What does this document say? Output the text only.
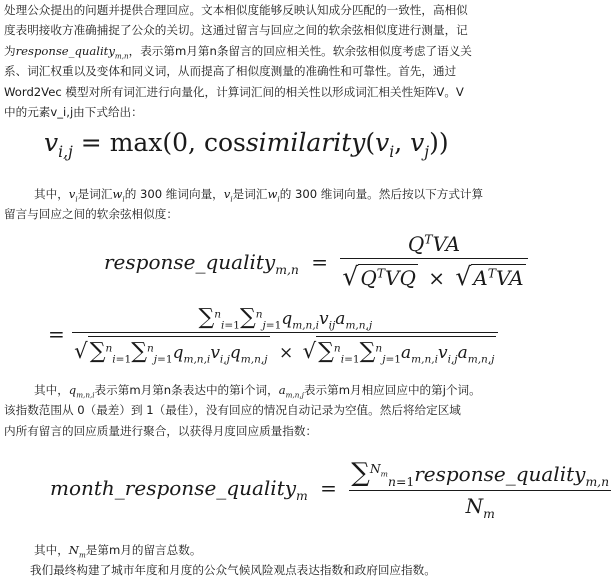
处理公众提出的问题并提供合理回应。文本相似度能够反映认知成分匹配的一致性，高相似
度表明接收方准确捕捉了公众的关切。这通过留言与回应之间的软余弦相似度进行测量，记
为response_quality$_{m,n}$，表示第m月第n条留言的回应相关性。软余弦相似度考虑了语义关
系、词汇权重以及变体和同义词，从而提高了相似度测量的准确性和可靠性。首先，通过
Word2Vec 模型对所有词汇进行向量化，计算词汇间的相关性以形成词汇相关性矩阵V。V
中的元素v_i,j由下式给出：
$v_{i,j} = \max(0$, $cossimilarity(v_i$, $v_j$))
其中，$v_i$是词汇$w_i$的 300 维词向量，$v_i$是词汇$w_i$的 300 维词向量。然后按以下方式计算
留言与回应之间的软余弦相似度：
response_quality$_{m,n}$ = $\frac{Q^TVA}{√ Q^TVQ \times √ A^TVA}$
=
$\sum^n_{i=1}\sum^n_{j=1}q_{m,n,i}v_{ij}a_{m,n,j}$
$√\sum^n_{i=1}\sum^n_{j=1}q_{m,n,i}v_{i,j}q_{m,n,j} \times √\sum^n_{i=1}\sum^n_{j=1}a_{m,n,i}v_{i,j}a_{m,n,j}$
其中，$q_{m,n,i}$表示第m月第n条表达中的第i个词，$a_{m,n,j}$表示第m月相应回应中的第j个词。
该指数范围从 0（最差）到 1（最佳），没有回应的情况自动记录为空值。然后将给定区域
内所有留言的回应质量进行聚合，以获得月度回应质量指数：
month_response_quality$_m$ = $\frac{\sum^{N_m}_{n=1}response\_quality_{m,n}}{N_m}$
其中，$N_m$是第m月的留言总数。
我们最终构建了城市年度和月度的公众气候风险观点表达指数和政府回应指数。
